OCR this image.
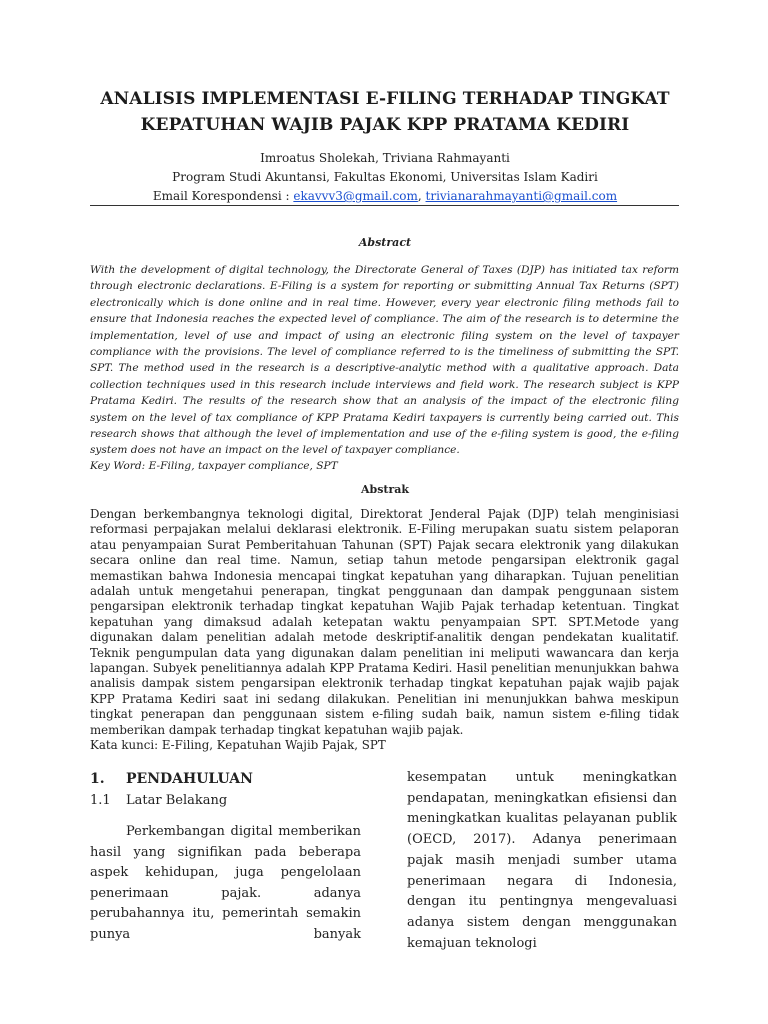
ANALISIS IMPLEMENTASI E-FILING TERHADAP TINGKAT
KEPATUHAN WAJIB PAJAK KPP PRATAMA KEDIRI
Imroatus Sholekah, Triviana Rahmayanti
Program Studi Akuntansi, Fakultas Ekonomi, Universitas Islam Kadiri
Email Korespondensi : ekavvv3@gmail.com, trivianarahmayanti@gmail.com
Abstract
With the development of digital technology, the Directorate General of Taxes (DJP) has initiated tax reform through electronic declarations. E-Filing is a system for reporting or submitting Annual Tax Returns (SPT) electronically which is done online and in real time. However, every year electronic filing methods fail to ensure that Indonesia reaches the expected level of compliance. The aim of the research is to determine the implementation, level of use and impact of using an electronic filing system on the level of taxpayer compliance with the provisions. The level of compliance referred to is the timeliness of submitting the SPT. SPT. The method used in the research is a descriptive-analytic method with a qualitative approach. Data collection techniques used in this research include interviews and field work. The research subject is KPP Pratama Kediri. The results of the research show that an analysis of the impact of the electronic filing system on the level of tax compliance of KPP Pratama Kediri taxpayers is currently being carried out. This research shows that although the level of implementation and use of the e-filing system is good, the e-filing system does not have an impact on the level of taxpayer compliance.
Key Word: E-Filing, taxpayer compliance, SPT
Abstrak
Dengan berkembangnya teknologi digital, Direktorat Jenderal Pajak (DJP) telah menginisiasi reformasi perpajakan melalui deklarasi elektronik. E-Filing merupakan suatu sistem pelaporan atau penyampaian Surat Pemberitahuan Tahunan (SPT) Pajak secara elektronik yang dilakukan secara online dan real time. Namun, setiap tahun metode pengarsipan elektronik gagal memastikan bahwa Indonesia mencapai tingkat kepatuhan yang diharapkan. Tujuan penelitian adalah untuk mengetahui penerapan, tingkat penggunaan dan dampak penggunaan sistem pengarsipan elektronik terhadap tingkat kepatuhan Wajib Pajak terhadap ketentuan. Tingkat kepatuhan yang dimaksud adalah ketepatan waktu penyampaian SPT. SPT.Metode yang digunakan dalam penelitian adalah metode deskriptif-analitik dengan pendekatan kualitatif. Teknik pengumpulan data yang digunakan dalam penelitian ini meliputi wawancara dan kerja lapangan. Subyek penelitiannya adalah KPP Pratama Kediri. Hasil penelitian menunjukkan bahwa analisis dampak sistem pengarsipan elektronik terhadap tingkat kepatuhan pajak wajib pajak KPP Pratama Kediri saat ini sedang dilakukan. Penelitian ini menunjukkan bahwa meskipun tingkat penerapan dan penggunaan sistem e-filing sudah baik, namun sistem e-filing tidak memberikan dampak terhadap tingkat kepatuhan wajib pajak.
Kata kunci: E-Filing, Kepatuhan Wajib Pajak, SPT
1. PENDAHULUAN
1.1 Latar Belakang
Perkembangan digital memberikan hasil yang signifikan pada beberapa aspek kehidupan, juga pengelolaan penerimaan pajak. adanya perubahannya itu, pemerintah semakin punya banyak
kesempatan untuk meningkatkan pendapatan, meningkatkan efisiensi dan meningkatkan kualitas pelayanan publik (OECD, 2017). Adanya penerimaan pajak masih menjadi sumber utama penerimaan negara di Indonesia, dengan itu pentingnya mengevaluasi adanya sistem dengan menggunakan kemajuan teknologi
